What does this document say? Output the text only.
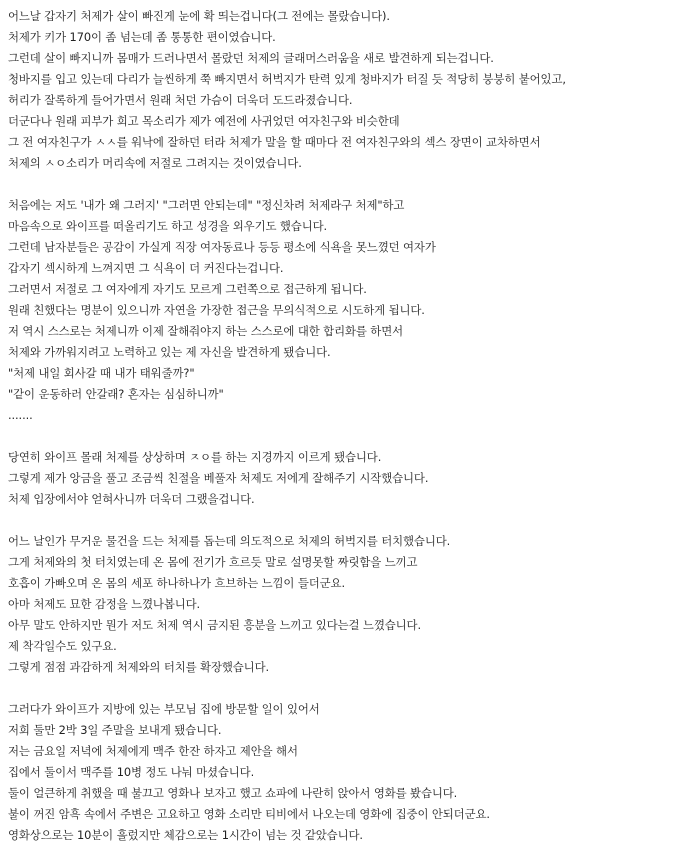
어느날 갑자기 처제가 살이 빠진게 눈에 확 띄는겁니다(그 전에는 몰랐습니다).
처제가 키가 170이 좀 넘는데 좀 통통한 편이였습니다.
그런데 살이 빠지니까 몸매가 드러나면서 몰랐던 처제의 글래머스러움을 새로 발견하게 되는겁니다.
청바지를 입고 있는데 다리가 늘씬하게 쭉 빠지면서 허벅지가 탄력 있게 청바지가 터질 듯 적당히 붕붕히 붙어있고,
허리가 잘록하게 들어가면서 원래 처던 가슴이 더욱더 도드라졌습니다.
더군다나 원래 피부가 희고 목소리가 제가 예전에 사귀었던 여자친구와 비슷한데
그 전 여자친구가 ㅅㅅ를 워낙에 잘하던 터라 처제가 말을 할 때마다 전 여자친구와의 섹스 장면이 교차하면서
처제의 ㅅㅇ소리가 머리속에 저절로 그려지는 것이였습니다.
처음에는 저도 '내가 왜 그러지' "그러면 안되는데" "정신차려 처제라구 처제"하고
마음속으로 와이프를 떠올리기도 하고 성경을 외우기도 했습니다.
그런데 남자분들은 공감이 가실게 직장 여자동료나 등등 평소에 식욕을 못느꼈던 여자가
갑자기 섹시하게 느껴지면 그 식욕이 더 커진다는겁니다.
그러면서 저절로 그 여자에게 자기도 모르게 그런쪽으로 접근하게 됩니다.
원래 친했다는 명분이 있으니까 자연을 가장한 접근을 무의식적으로 시도하게 됩니다.
저 역시 스스로는 처제니까 이제 잘해줘야지 하는 스스로에 대한 합리화를 하면서
처제와 가까워지려고 노력하고 있는 제 자신을 발견하게 됐습니다.
"처제 내일 회사갈 때 내가 태워줄까?"
"같이 운동하러 안갈래? 혼자는 심심하니까"
.......
당연히 와이프 몰래 처제를 상상하며 ㅈㅇ를 하는 지경까지 이르게 됐습니다.
그렇게 제가 앙금을 풀고 조금씩 친절을 베풀자 처제도 저에게 잘해주기 시작했습니다.
처제 입장에서야 얻혀사니까 더욱더 그랬을겁니다.
어느 날인가 무거운 물건을 드는 처제를 돕는데 의도적으로 처제의 허벅지를 터치했습니다.
그게 처제와의 첫 터치였는데 온 몸에 전기가 흐르듯 말로 설명못할 짜릿함을 느끼고
호흡이 가빠오며 온 몸의 세포 하나하나가 흐브하는 느낌이 들더군요.
아마 처제도 묘한 감정을 느꼈나봅니다.
아무 말도 안하지만 뭔가 저도 처제 역시 금지된 흥분을 느끼고 있다는걸 느꼈습니다.
제 착각일수도 있구요.
그렇게 점점 과감하게 처제와의 터치를 확장했습니다.
그러다가 와이프가 지방에 있는 부모님 집에 방문할 일이 있어서
저희 둘만 2박 3일 주말을 보내게 됐습니다.
저는 금요일 저녁에 처제에게 맥주 한잔 하자고 제안을 해서
집에서 둘이서 맥주를 10병 정도 나눠 마셨습니다.
둘이 얼큰하게 취했을 때 불끄고 영화나 보자고 했고 쇼파에 나란히 앉아서 영화를 봤습니다.
불이 꺼진 암흑 속에서 주변은 고요하고 영화 소리만 티비에서 나오는데 영화에 집중이 안되더군요.
영화상으로는 10분이 흘렀지만 체감으로는 1시간이 넘는 것 같았습니다.
